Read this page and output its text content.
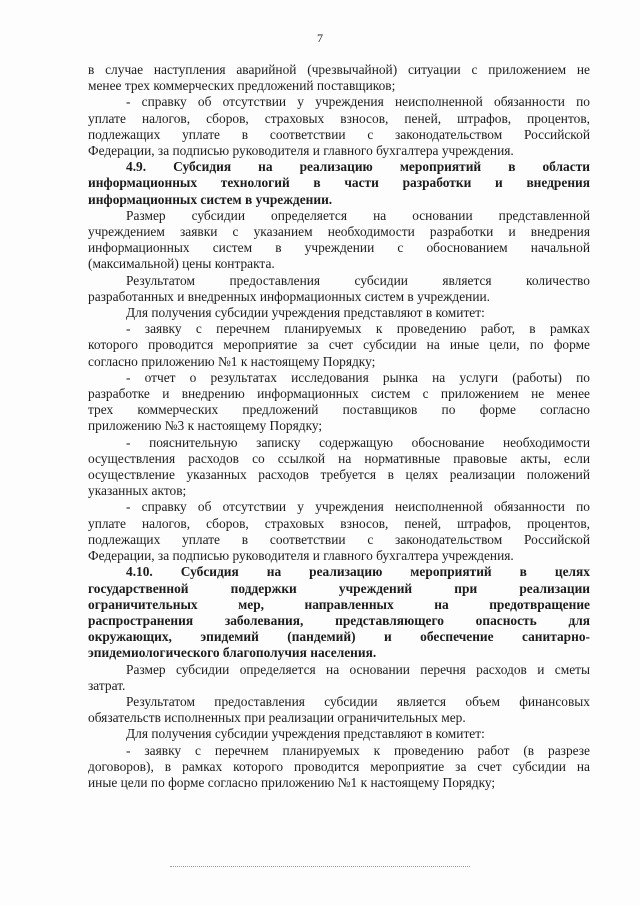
7

в случае наступления аварийной (чрезвычайной) ситуации с приложением не

менее трех коммерческих предложений поставщиков;

- справку об отсутствии у учреждения неисполненной обязанности по

уплате налогов, сборов, страховых взносов, пеней, штрафов, процентов,

подлежащих уплате в соответствии с законодательством Российской

Федерации, за подписью руководителя и главного бухгалтера учреждения.

4.9. Субсидия на реализацию мероприятий в области

информационных технологий в части разработки и внедрения

информационных систем в учреждении.

Размер субсидии определяется на основании представленной

учреждением заявки с указанием необходимости разработки и внедрения

информационных систем в учреждении с обоснованием начальной

(максимальной) цены контракта.

Результатом предоставления субсидии является количество

разработанных и внедренных информационных систем в учреждении.

Для получения субсидии учреждения представляют в комитет:

- заявку с перечнем планируемых к проведению работ, в рамках

которого проводится мероприятие за счет субсидии на иные цели, по форме

согласно приложению №1 к настоящему Порядку;

- отчет о результатах исследования рынка на услуги (работы) по

разработке и внедрению информационных систем с приложением не менее

трех коммерческих предложений поставщиков по форме согласно

приложению №3 к настоящему Порядку;

- пояснительную записку содержащую обоснование необходимости

осуществления расходов со ссылкой на нормативные правовые акты, если

осуществление указанных расходов требуется в целях реализации положений

указанных актов;

- справку об отсутствии у учреждения неисполненной обязанности по

уплате налогов, сборов, страховых взносов, пеней, штрафов, процентов,

подлежащих уплате в соответствии с законодательством Российской

Федерации, за подписью руководителя и главного бухгалтера учреждения.

4.10. Субсидия на реализацию мероприятий в целях

государственной поддержки учреждений при реализации

ограничительных мер, направленных на предотвращение

распространения заболевания, представляющего опасность для

окружающих, эпидемий (пандемий) и обеспечение санитарно-

эпидемиологического благополучия населения.

Размер субсидии определяется на основании перечня расходов и сметы

затрат.

Результатом предоставления субсидии является объем финансовых

обязательств исполненных при реализации ограничительных мер.

Для получения субсидии учреждения представляют в комитет:

- заявку с перечнем планируемых к проведению работ (в разрезе

договоров), в рамках которого проводится мероприятие за счет субсидии на

иные цели по форме согласно приложению №1 к настоящему Порядку;
